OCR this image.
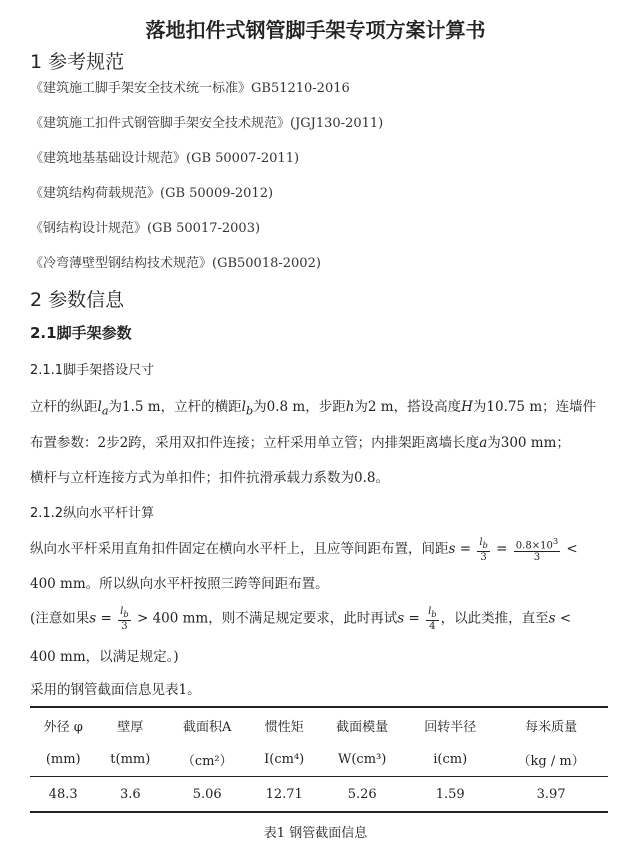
落地扣件式钢管脚手架专项方案计算书
1 参考规范
《建筑施工脚手架安全技术统一标准》GB51210-2016
《建筑施工扣件式钢管脚手架安全技术规范》(JGJ130-2011)
《建筑地基基础设计规范》(GB 50007-2011)
《建筑结构荷载规范》(GB 50009-2012)
《钢结构设计规范》(GB 50017-2003)
《冷弯薄壁型钢结构技术规范》(GB50018-2002)
2 参数信息
2.1脚手架参数
2.1.1脚手架搭设尺寸
立杆的纵距$l_a$为1.5 m，立杆的横距$l_b$为0.8 m，步距h为2 m，搭设高度H为10.75 m；连墙件
布置参数：2步2跨，采用双扣件连接；立杆采用单立管；内排架距离墙长度a为300 mm；
横杆与立杆连接方式为单扣件；扣件抗滑承载力系数为0.8。
2.1.2纵向水平杆计算
纵向水平杆采用直角扣件固定在横向水平杆上，且应等间距布置，间距$s = \frac{l_b}{3} = \frac{0.8\times 10^3}{3}$ <
400 mm。所以纵向水平杆按照三跨等间距布置。
(注意如果$s = \frac{l_b}{3} > 400$ mm，则不满足规定要求，此时再试$s = \frac{l_b}{4}$ ，以此类推，直至s <
400 mm，以满足规定。)
采用的钢管截面信息见表1。
外径 φ	壁厚	截面积A	惯性矩	截面模量	回转半径	每米质量
(mm)	t(mm)	（cm²）	I(cm⁴)	W(cm³)	i(cm)	（kg / m）
48.3	3.6	5.06	12.71	5.26	1.59	3.97
表1 钢管截面信息
